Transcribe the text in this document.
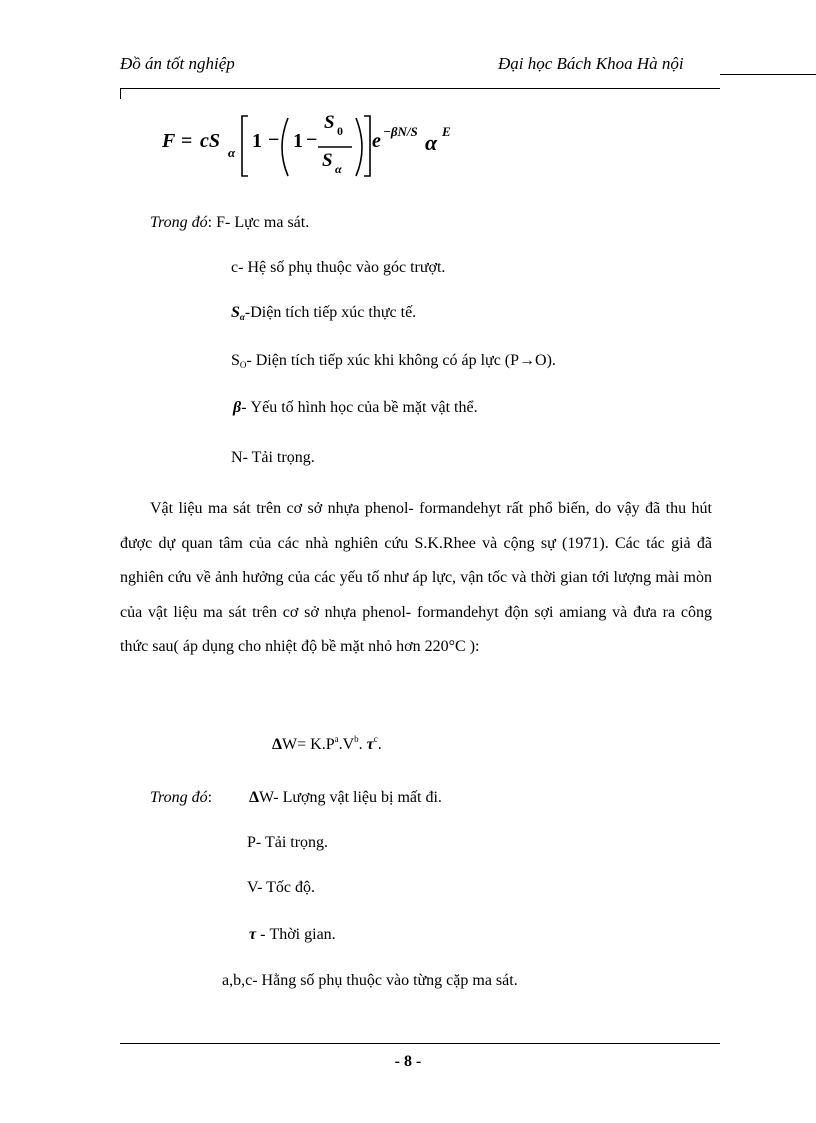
Đồ án tốt nghiệp	Đại học Bách Khoa Hà nội
F = cS
α
1 − 1 −
S 0
S α
e −βN/S α E
Trong đó: F- Lực ma sát.
c- Hệ số phụ thuộc vào góc trượt.
$S_\alpha$-Diện tích tiếp xúc thực tế.
$S_O-$ Diện tích tiếp xúc khi không có áp lực (P→O).
β- Yếu tố hình học của bề mặt vật thể.
N- Tải trọng.

Vật liệu ma sát trên cơ sở nhựa phenol- formandehyt rất phổ biến, do vậy đã thu hút được dự quan tâm của các nhà nghiên cứu S.K.Rhee và cộng sự (1971). Các tác giả đã nghiên cứu về ảnh hưởng của các yếu tố như áp lực, vận tốc và thời gian tới lượng mài mòn của vật liệu ma sát trên cơ sở nhựa phenol- formandehyt độn sợi amiang và đưa ra công thức sau( áp dụng cho nhiệt độ bề mặt nhỏ hơn 220°C ):

$\Delta W= K.P^a.V^b$. $\tau^c$.
Trong đó: ΔW- Lượng vật liệu bị mất đi.
P- Tải trọng.
V- Tốc độ.
τ - Thời gian.
a,b,c- Hằng số phụ thuộc vào từng cặp ma sát.
- 8 -
